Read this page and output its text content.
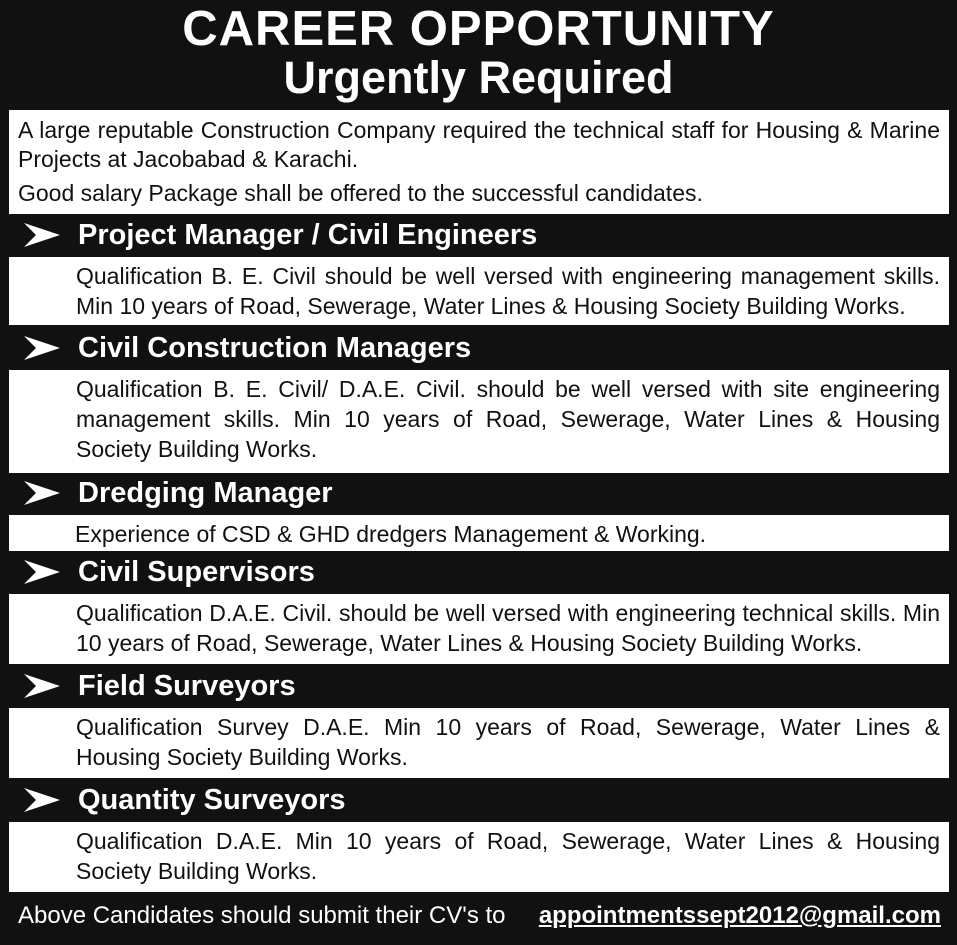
CAREER OPPORTUNITY
Urgently Required

A large reputable Construction Company required the technical staff for Housing & Marine Projects at Jacobabad & Karachi.

Good salary Package shall be offered to the successful candidates.

Project Manager / Civil Engineers

Qualification B. E. Civil should be well versed with engineering management skills. Min 10 years of Road, Sewerage, Water Lines & Housing Society Building Works.

Civil Construction Managers

Qualification B. E. Civil/ D.A.E. Civil. should be well versed with site engineering management skills. Min 10 years of Road, Sewerage, Water Lines & Housing Society Building Works.

Dredging Manager

Experience of CSD & GHD dredgers Management & Working.

Civil Supervisors

Qualification D.A.E. Civil. should be well versed with engineering technical skills. Min 10 years of Road, Sewerage, Water Lines & Housing Society Building Works.

Field Surveyors

Qualification Survey D.A.E. Min 10 years of Road, Sewerage, Water Lines & Housing Society Building Works.

Quantity Surveyors

Qualification D.A.E. Min 10 years of Road, Sewerage, Water Lines & Housing Society Building Works.

Above Candidates should submit their CV's to appointmentssept2012@gmail.com
